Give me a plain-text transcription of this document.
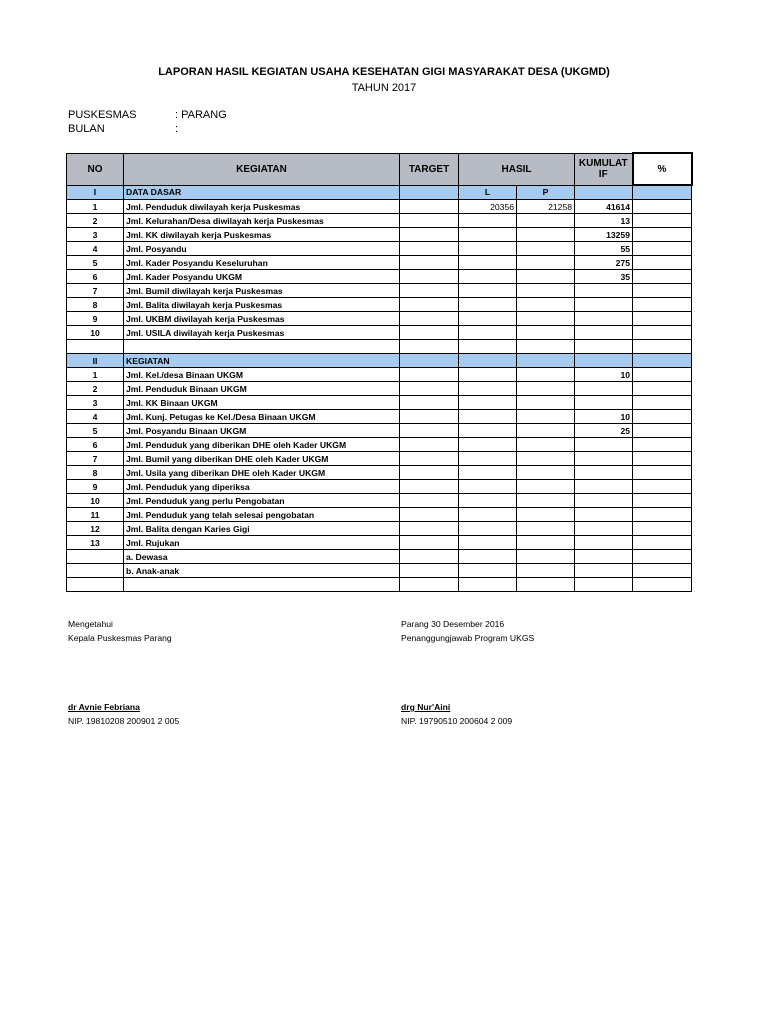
LAPORAN HASIL KEGIATAN USAHA KESEHATAN GIGI MASYARAKAT DESA (UKGMD)
TAHUN 2017
PUSKESMAS	: PARANG
BULAN	:
NO	KEGIATAN	TARGET	HASIL		KUMULAT IF	%
I	DATA DASAR		L	P		
1	Jml. Penduduk diwilayah kerja Puskesmas		20356	21258	41614	
2	Jml. Kelurahan/Desa diwilayah kerja Puskesmas				13	
3	Jml. KK diwilayah kerja Puskesmas				13259	
4	Jml. Posyandu				55	
5	Jml. Kader Posyandu Keseluruhan				275	
6	Jml. Kader Posyandu UKGM				35	
7	Jml. Bumil diwilayah kerja Puskesmas					
8	Jml. Balita diwilayah kerja Puskesmas					
9	Jml. UKBM diwilayah kerja Puskesmas					
10	Jml. USILA diwilayah kerja Puskesmas					

II	KEGIATAN					
1	Jml. Kel./desa Binaan UKGM				10	
2	Jml. Penduduk Binaan UKGM					
3	Jml. KK Binaan UKGM					
4	Jml. Kunj. Petugas ke Kel./Desa Binaan UKGM				10	
5	Jml. Posyandu Binaan UKGM				25	
6	Jml. Penduduk yang diberikan DHE oleh Kader UKGM					
7	Jml. Bumil yang diberikan DHE oleh Kader UKGM					
8	Jml. Usila yang diberikan DHE oleh Kader UKGM					
9	Jml. Penduduk yang diperiksa					
10	Jml. Penduduk yang perlu Pengobatan					
11	Jml. Penduduk yang telah selesai pengobatan					
12	Jml. Balita dengan Karies Gigi					
13	Jml. Rujukan					
	a. Dewasa					
	b. Anak-anak					

Mengetahui
Kepala Puskesmas Parang
dr Avnie Febriana
NIP. 19810208 200901 2 005
Parang 30 Desember 2016
Penanggungjawab Program UKGS
drg Nur'Aini
NIP. 19790510 200604 2 009
